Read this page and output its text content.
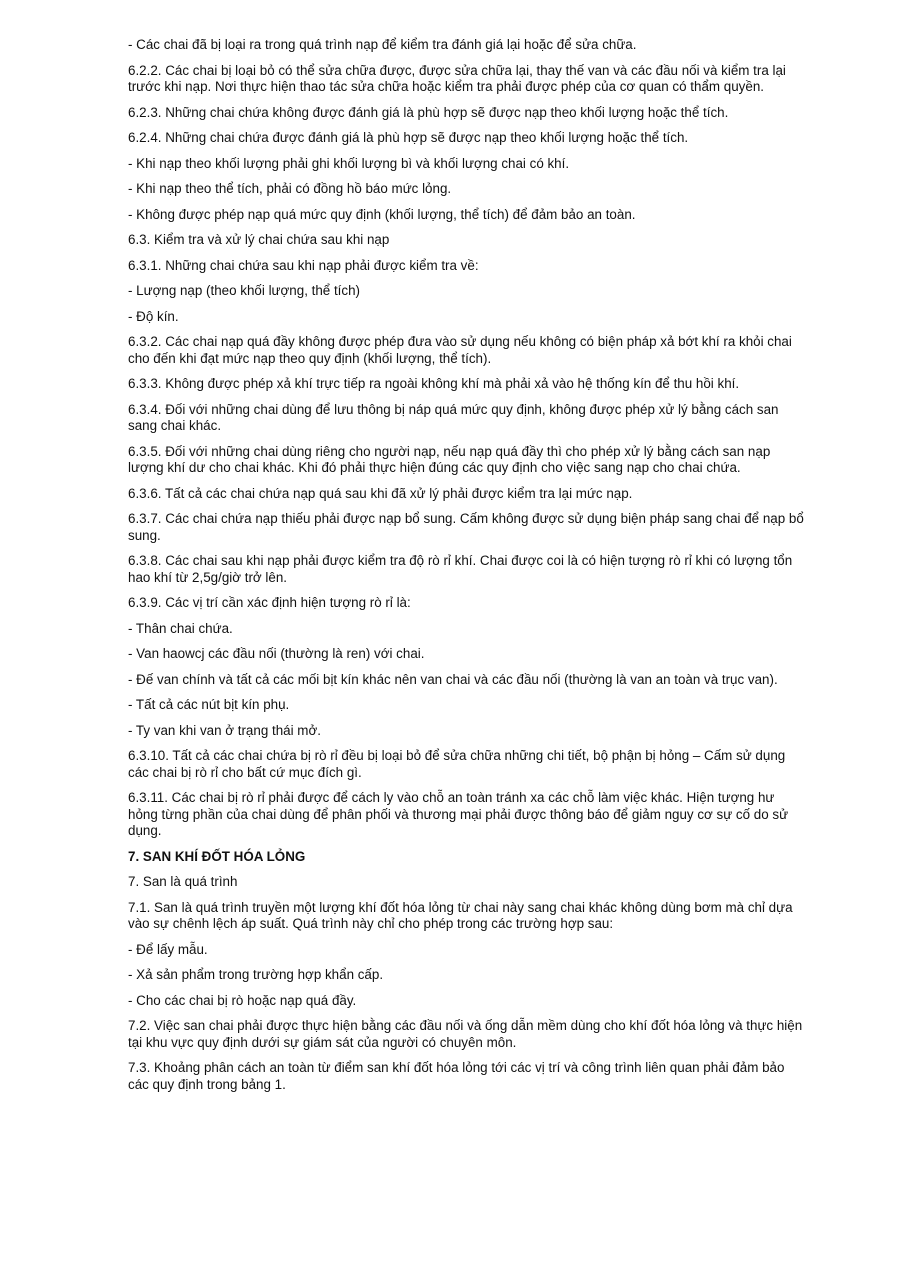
- Các chai đã bị loại ra trong quá trình nạp để kiểm tra đánh giá lại hoặc để sửa chữa.

6.2.2. Các chai bị loại bỏ có thể sửa chữa được, được sửa chữa lại, thay thế van và các đầu nối và kiểm tra lại trước khi nạp. Nơi thực hiện thao tác sửa chữa hoặc kiểm tra phải được phép của cơ quan có thẩm quyền.

6.2.3. Những chai chứa không được đánh giá là phù hợp sẽ được nạp theo khối lượng hoặc thể tích.

6.2.4. Những chai chứa được đánh giá là phù hợp sẽ được nạp theo khối lượng hoặc thể tích.

- Khi nạp theo khối lượng phải ghi khối lượng bì và khối lượng chai có khí.

- Khi nạp theo thể tích, phải có đồng hồ báo mức lỏng.

- Không được phép nạp quá mức quy định (khối lượng, thể tích) để đảm bảo an toàn.

6.3. Kiểm tra và xử lý chai chứa sau khi nạp

6.3.1. Những chai chứa sau khi nạp phải được kiểm tra về:

- Lượng nạp (theo khối lượng, thể tích)

- Độ kín.

6.3.2. Các chai nạp quá đầy không được phép đưa vào sử dụng nếu không có biện pháp xả bớt khí ra khỏi chai cho đến khi đạt mức nạp theo quy định (khối lượng, thể tích).

6.3.3. Không được phép xả khí trực tiếp ra ngoài không khí mà phải xả vào hệ thống kín để thu hồi khí.

6.3.4. Đối với những chai dùng để lưu thông bị náp quá mức quy định, không được phép xử lý bằng cách san sang chai khác.

6.3.5. Đối với những chai dùng riêng cho người nạp, nếu nạp quá đầy thì cho phép xử lý bằng cách san nạp lượng khí dư cho chai khác. Khi đó phải thực hiện đúng các quy định cho việc sang nạp cho chai chứa.

6.3.6. Tất cả các chai chứa nạp quá sau khi đã xử lý phải được kiểm tra lại mức nạp.

6.3.7. Các chai chứa nạp thiếu phải được nạp bổ sung. Cấm không được sử dụng biện pháp sang chai để nạp bổ sung.

6.3.8. Các chai sau khi nạp phải được kiểm tra độ rò rỉ khí. Chai được coi là có hiện tượng rò rỉ khi có lượng tổn hao khí từ 2,5g/giờ trở lên.

6.3.9. Các vị trí cần xác định hiện tượng rò rỉ là:

- Thân chai chứa.

- Van haowcj các đầu nối (thường là ren) với chai.

- Đế van chính và tất cả các mối bịt kín khác nên van chai và các đầu nối (thường là van an toàn và trục van).

- Tất cả các nút bịt kín phụ.

- Ty van khi van ở trạng thái mở.

6.3.10. Tất cả các chai chứa bị rò rỉ đều bị loại bỏ để sửa chữa những chi tiết, bộ phận bị hỏng – Cấm sử dụng các chai bị rò rỉ cho bất cứ mục đích gì.

6.3.11. Các chai bị rò rỉ phải được để cách ly vào chỗ an toàn tránh xa các chỗ làm việc khác. Hiện tượng hư hỏng từng phần của chai dùng để phân phối và thương mại phải được thông báo để giảm nguy cơ sự cố do sử dụng.

7. SAN KHÍ ĐỐT HÓA LỎNG

7. San là quá trình

7.1. San là quá trình truyền một lượng khí đốt hóa lỏng từ chai này sang chai khác không dùng bơm mà chỉ dựa vào sự chênh lệch áp suất. Quá trình này chỉ cho phép trong các trường hợp sau:

- Để lấy mẫu.

- Xả sản phẩm trong trường hợp khẩn cấp.

- Cho các chai bị rò hoặc nạp quá đầy.

7.2. Việc san chai phải được thực hiện bằng các đầu nối và ống dẫn mềm dùng cho khí đốt hóa lỏng và thực hiện tại khu vực quy định dưới sự giám sát của người có chuyên môn.

7.3. Khoảng phân cách an toàn từ điểm san khí đốt hóa lỏng tới các vị trí và công trình liên quan phải đảm bảo các quy định trong bảng 1.
